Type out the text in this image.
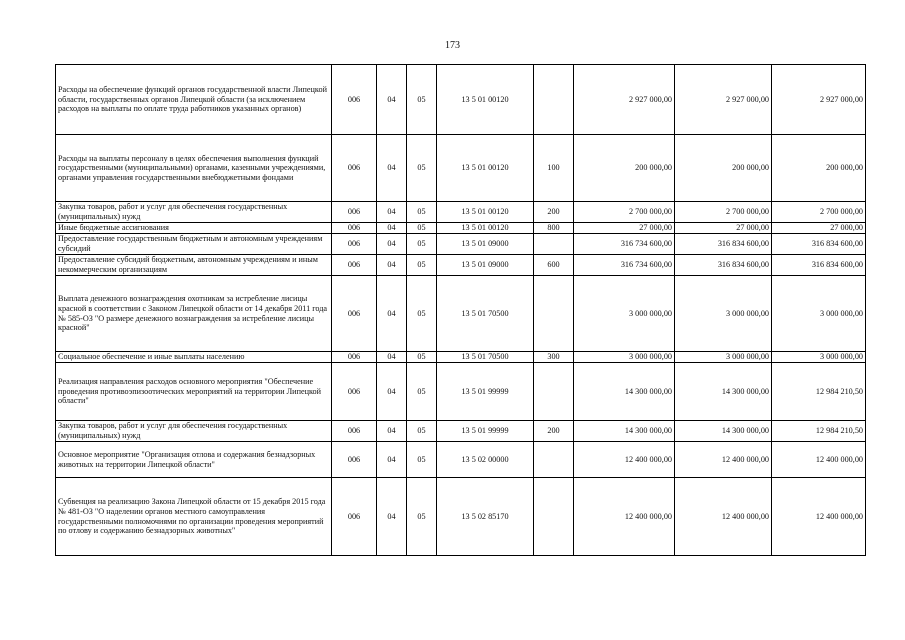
173
Расходы на обеспечение функций органов государственной власти Липецкой области, государственных органов Липецкой области (за исключением расходов на выплаты по оплате труда работников указанных органов)	006	04	05	13 5 01 00120		2 927 000,00	2 927 000,00	2 927 000,00
Расходы на выплаты персоналу в целях обеспечения выполнения функций государственными (муниципальными) органами, казенными учреждениями, органами управления государственными внебюджетными фондами	006	04	05	13 5 01 00120	100	200 000,00	200 000,00	200 000,00
Закупка товаров, работ и услуг для обеспечения государственных (муниципальных) нужд	006	04	05	13 5 01 00120	200	2 700 000,00	2 700 000,00	2 700 000,00
Иные бюджетные ассигнования	006	04	05	13 5 01 00120	800	27 000,00	27 000,00	27 000,00
Предоставление государственным бюджетным и автономным учреждениям субсидий	006	04	05	13 5 01 09000		316 734 600,00	316 834 600,00	316 834 600,00
Предоставление субсидий бюджетным, автономным учреждениям и иным некоммерческим организациям	006	04	05	13 5 01 09000	600	316 734 600,00	316 834 600,00	316 834 600,00
Выплата денежного вознаграждения охотникам за истребление лисицы красной в соответствии с Законом Липецкой области от 14 декабря 2011 года № 585-ОЗ "О размере денежного вознаграждения за истребление лисицы красной"	006	04	05	13 5 01 70500		3 000 000,00	3 000 000,00	3 000 000,00
Социальное обеспечение и иные выплаты населению	006	04	05	13 5 01 70500	300	3 000 000,00	3 000 000,00	3 000 000,00
Реализация направления расходов основного мероприятия "Обеспечение проведения противоэпизоотических мероприятий на территории Липецкой области"	006	04	05	13 5 01 99999		14 300 000,00	14 300 000,00	12 984 210,50
Закупка товаров, работ и услуг для обеспечения государственных (муниципальных) нужд	006	04	05	13 5 01 99999	200	14 300 000,00	14 300 000,00	12 984 210,50
Основное мероприятие "Организация отлова и содержания безнадзорных животных на территории Липецкой области"	006	04	05	13 5 02 00000		12 400 000,00	12 400 000,00	12 400 000,00
Субвенция на реализацию Закона Липецкой области от 15 декабря 2015 года № 481-ОЗ "О наделении органов местного самоуправления государственными полномочиями по организации проведения мероприятий по отлову и содержанию безнадзорных животных"	006	04	05	13 5 02 85170		12 400 000,00	12 400 000,00	12 400 000,00
